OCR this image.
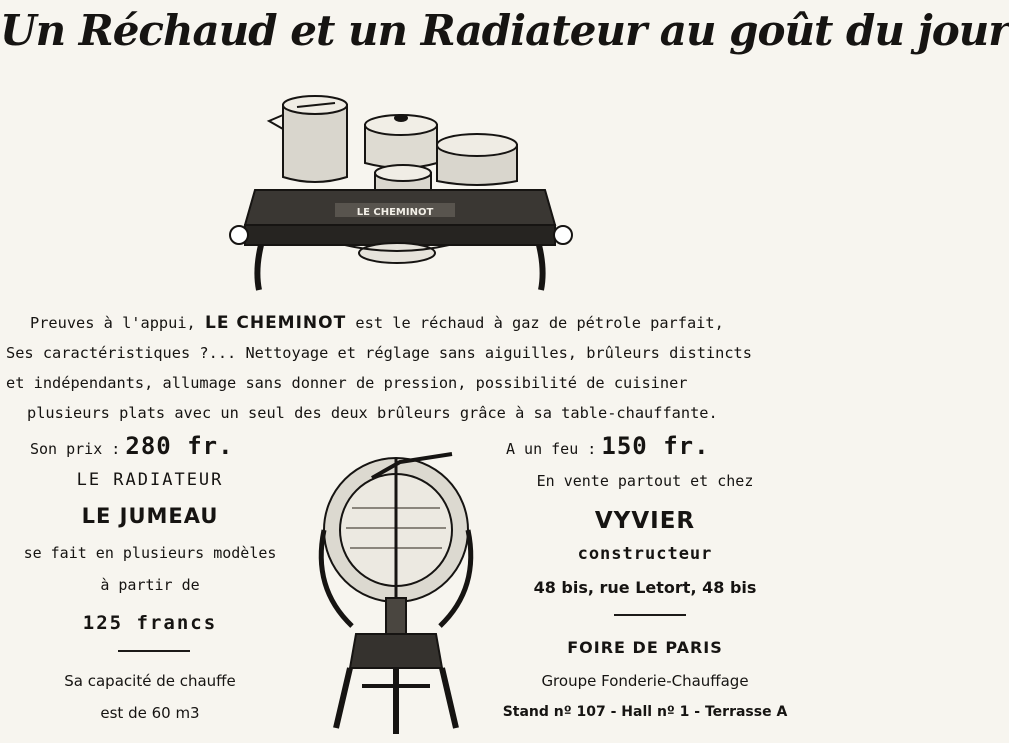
Un Réchaud et un Radiateur au goût du jour
LE CHEMINOT
Preuves à l'appui, LE CHEMINOT est le réchaud à gaz de pétrole parfait,
Ses caractéristiques ?... Nettoyage et réglage sans aiguilles, brûleurs distincts
et indépendants, allumage sans donner de pression, possibilité de cuisiner
plusieurs plats avec un seul des deux brûleurs grâce à sa table-chauffante.
Son prix : 280 fr.
LE RADIATEUR
LE JUMEAU
se fait en plusieurs modèles
à partir de
125 francs
Sa capacité de chauffe
est de 60 m3
A un feu : 150 fr.
En vente partout et chez
VYVIER
constructeur
48 bis, rue Letort, 48 bis
FOIRE DE PARIS
Groupe Fonderie-Chauffage
Stand nº 107 - Hall nº 1 - Terrasse A
